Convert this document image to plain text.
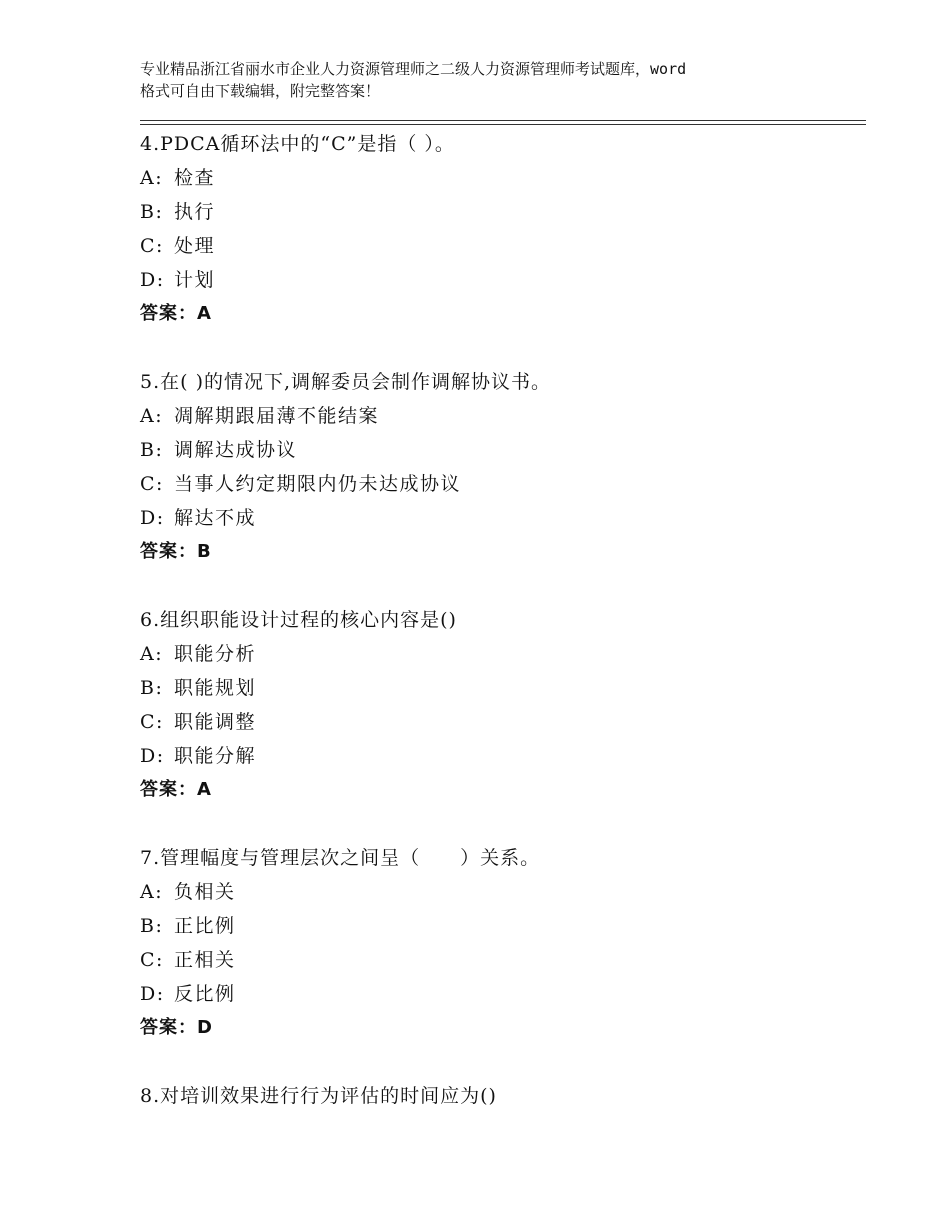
专业精品浙江省丽水市企业人力资源管理师之二级人力资源管理师考试题库，word
格式可自由下载编辑，附完整答案！
4.PDCA循环法中的“C”是指（ ）。
A: 检查
B: 执行
C: 处理
D: 计划
答案：A
5.在( )的情况下,调解委员会制作调解协议书。
A: 凋解期跟届薄不能结案
B: 调解达成协议
C: 当事人约定期限内仍未达成协议
D: 解达不成
答案：B
6.组织职能设计过程的核心内容是()
A: 职能分析
B: 职能规划
C: 职能调整
D: 职能分解
答案：A
7.管理幅度与管理层次之间呈（　　）关系。
A: 负相关
B: 正比例
C: 正相关
D: 反比例
答案：D
8.对培训效果进行行为评估的时间应为()
